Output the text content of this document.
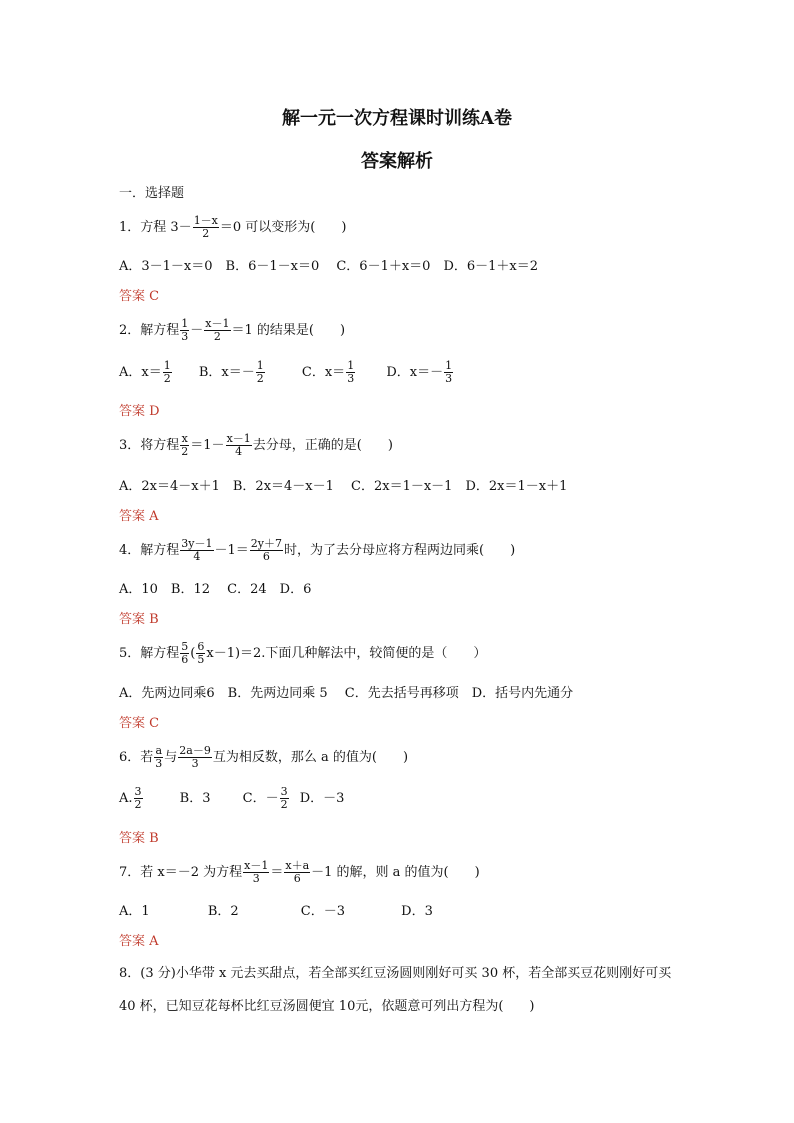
解一元一次方程课时训练A卷
答案解析
一．选择题
1．方程 $3- \frac{1-x}{2} =0$ 可以变形为(　　)
A．3－1－x＝0　B．6－1－x＝0　 C．6－1＋x＝0　D．6－1＋x＝2
答案 C
2．解方程 $\frac{1}{3} - \frac{x-1}{2} =1$ 的结果是(　　)
A．$x= \frac{1}{2}$ B．$x=- \frac{1}{2}$	C．$x= \frac{1}{3}$ D．$x=- \frac{1}{3}$
答案 D
3．将方程 $\frac{x}{2} =1- \frac{x-1}{4}$ 去分母，正确的是(　　)
A．2x＝4－x＋1　B．2x＝4－x－1　 C．2x＝1－x－1　D．2x＝1－x＋1
答案 A
4．解方程 $\frac{3y-1}{4} -1= \frac{2y+7}{6}$ 时，为了去分母应将方程两边同乘(　　)
A．10　B．12　 C．24　D．6
答案 B
5．解方程 $\frac{5}{6}$ ( $\frac{6}{5} x-1)=2$.下面几种解法中，较简便的是（　　）
A．先两边同乘6　B．先两边同乘 5　 C．先去括号再移项　D．括号内先通分
答案 C
6．若 $\frac{a}{3}$ 与 $\frac{2a-9}{3}$ 互为相反数，那么 a 的值为(　　)
A. $\frac{3}{2}$	B．3 C．－ $\frac{3}{2}$ D．－3
答案 B
7．若 x＝－2 为方程 $\frac{x-1}{3} = \frac{x+a}{6} -1$ 的解，则 a 的值为(　　)
A．1	B．2	C．－3	D．3
答案 A
8．(3 分)小华带 x 元去买甜点，若全部买红豆汤圆则刚好可买 30 杯，若全部买豆花则刚好可买
40 杯，已知豆花每杯比红豆汤圆便宜 10元，依题意可列出方程为(　　)
